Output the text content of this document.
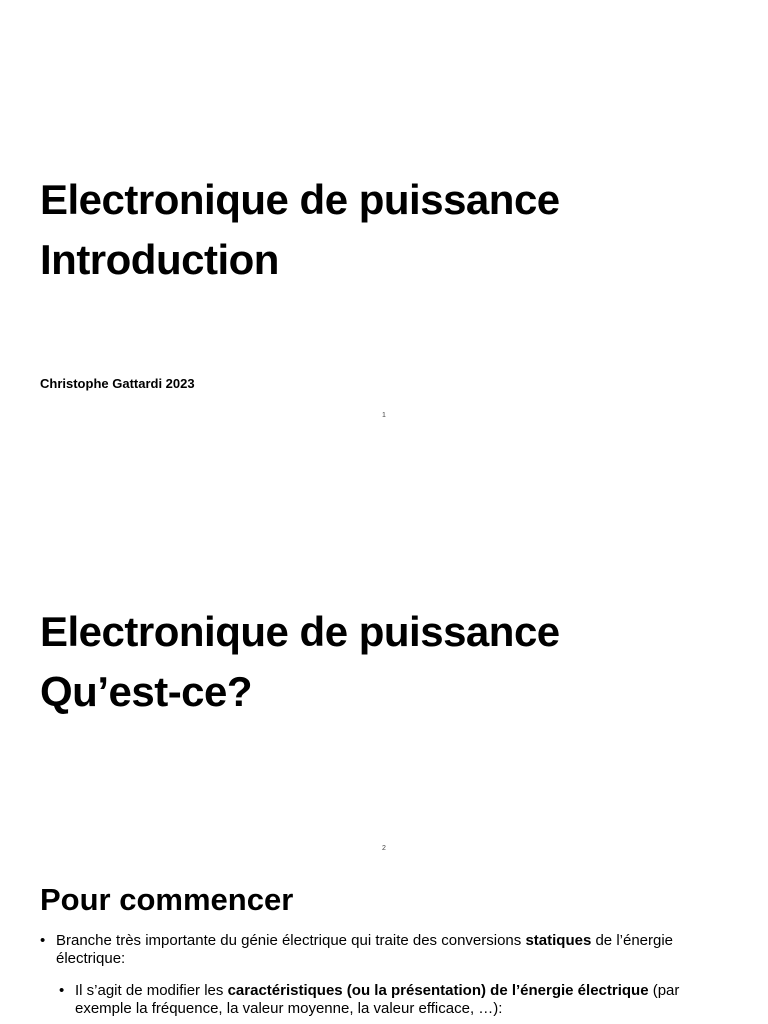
Electronique de puissance
Introduction
Christophe Gattardi 2023
1
Electronique de puissance
Qu’est-ce?
2
Pour commencer
• Branche très importante du génie électrique qui traite des conversions statiques de l’énergie électrique:
• Il s’agit de modifier les caractéristiques (ou la présentation) de l’énergie électrique (par exemple la fréquence, la valeur moyenne, la valeur efficace, …):
